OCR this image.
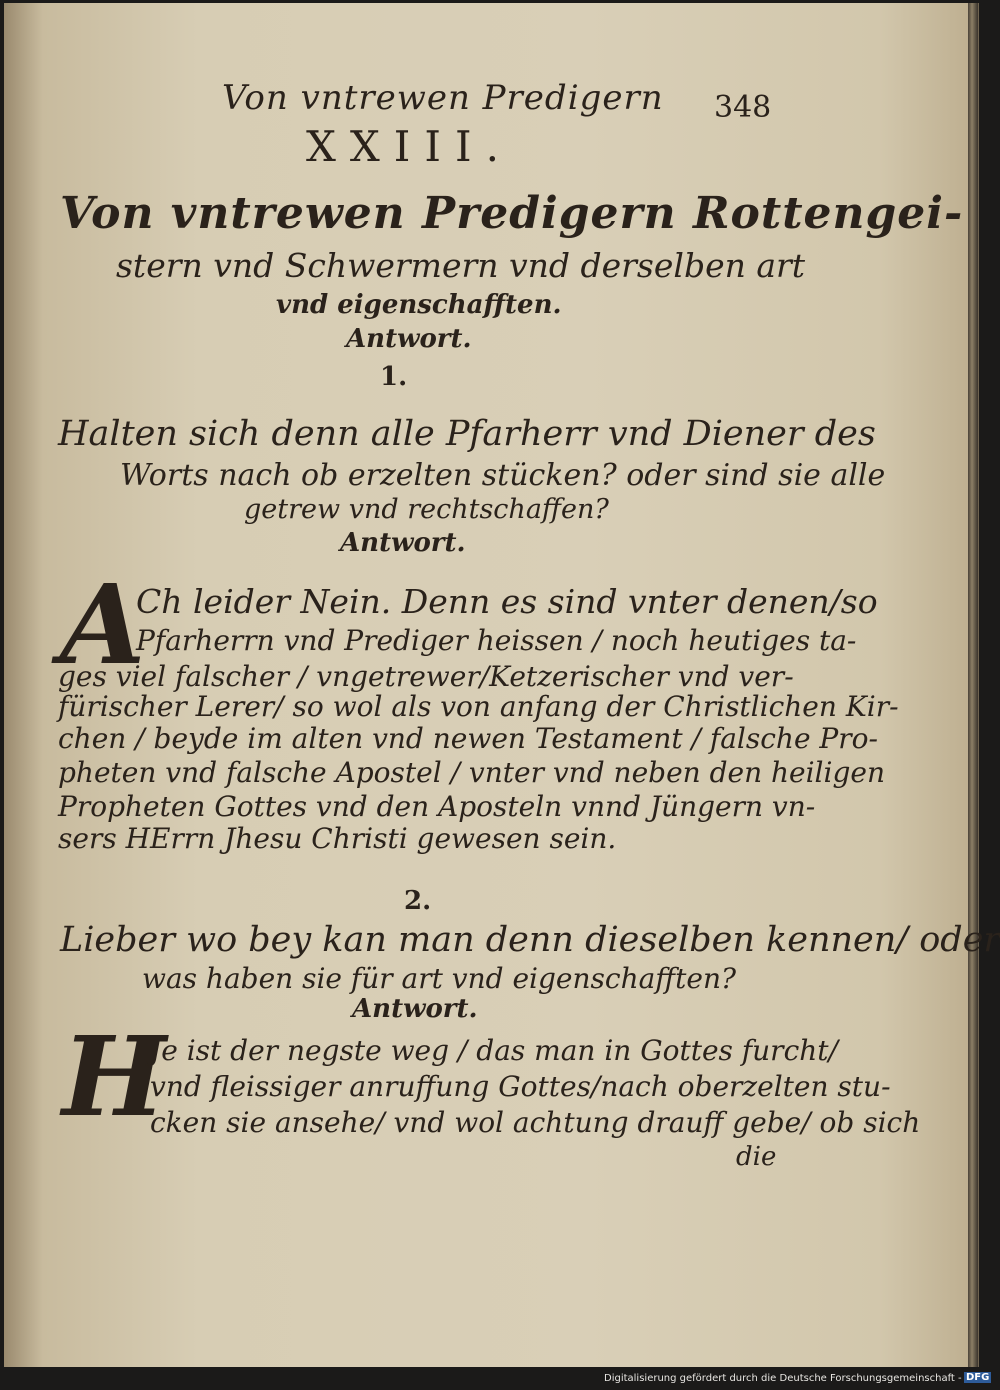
Von vntrewen Predigern 348
XXIII.
Von vntrewen Predigern Rottengei-
stern vnd Schwermern vnd derselben art
vnd eigenschafften.
Antwort.
1.
Halten sich denn alle Pfarherr vnd Diener des
Worts nach ob erzelten stücken? oder sind sie alle
getrew vnd rechtschaffen?
Antwort.
A
Ch leider Nein. Denn es sind vnter denen/so
Pfarherrn vnd Prediger heissen / noch heutiges ta-
ges viel falscher / vngetrewer/Ketzerischer vnd ver-
fürischer Lerer/ so wol als von anfang der Christlichen Kir-
chen / beyde im alten vnd newen Testament / falsche Pro-
pheten vnd falsche Apostel / vnter vnd neben den heiligen
Propheten Gottes vnd den Aposteln vnnd Jüngern vn-
sers HErrn Jhesu Christi gewesen sein.
2.
Lieber wo bey kan man denn dieselben kennen/ oder
was haben sie für art vnd eigenschafften?
Antwort.
H
Je ist der negste weg / das man in Gottes furcht/
vnd fleissiger anruffung Gottes/nach oberzelten stu-
cken sie ansehe/ vnd wol achtung drauff gebe/ ob sich
die
Digitalisierung gefördert durch die Deutsche Forschungsgemeinschaft - DFG
